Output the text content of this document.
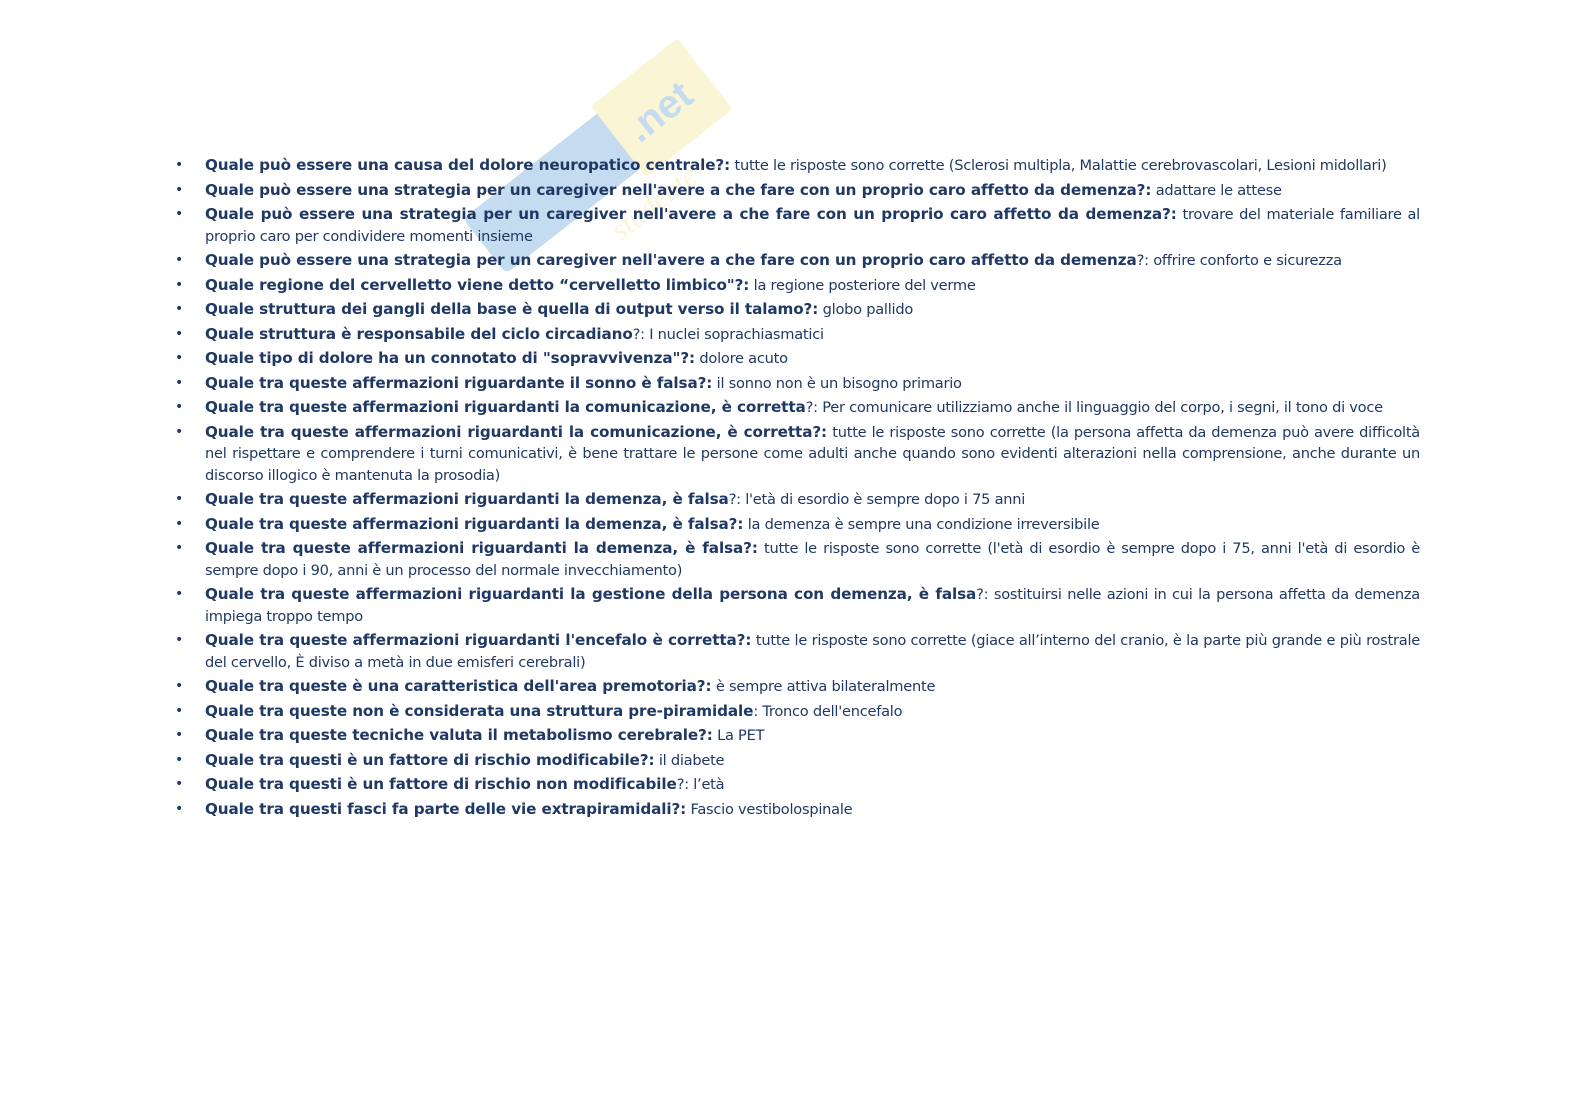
.net
studente
• Quale può essere una causa del dolore neuropatico centrale?: tutte le risposte sono corrette (Sclerosi multipla, Malattie cerebrovascolari, Lesioni midollari)
• Quale può essere una strategia per un caregiver nell'avere a che fare con un proprio caro affetto da demenza?: adattare le attese
• Quale può essere una strategia per un caregiver nell'avere a che fare con un proprio caro affetto da demenza?: trovare del materiale familiare al proprio caro per condividere momenti insieme
• Quale può essere una strategia per un caregiver nell'avere a che fare con un proprio caro affetto da demenza?: offrire conforto e sicurezza
• Quale regione del cervelletto viene detto “cervelletto limbico"?: la regione posteriore del verme
• Quale struttura dei gangli della base è quella di output verso il talamo?: globo pallido
• Quale struttura è responsabile del ciclo circadiano?: I nuclei soprachiasmatici
• Quale tipo di dolore ha un connotato di "sopravvivenza"?: dolore acuto
• Quale tra queste affermazioni riguardante il sonno è falsa?: il sonno non è un bisogno primario
• Quale tra queste affermazioni riguardanti la comunicazione, è corretta?: Per comunicare utilizziamo anche il linguaggio del corpo, i segni, il tono di voce
• Quale tra queste affermazioni riguardanti la comunicazione, è corretta?: tutte le risposte sono corrette (la persona affetta da demenza può avere difficoltà nel rispettare e comprendere i turni comunicativi, è bene trattare le persone come adulti anche quando sono evidenti alterazioni nella comprensione, anche durante un discorso illogico è mantenuta la prosodia)
• Quale tra queste affermazioni riguardanti la demenza, è falsa?: l'età di esordio è sempre dopo i 75 anni
• Quale tra queste affermazioni riguardanti la demenza, è falsa?: la demenza è sempre una condizione irreversibile
• Quale tra queste affermazioni riguardanti la demenza, è falsa?: tutte le risposte sono corrette (l'età di esordio è sempre dopo i 75, anni l'età di esordio è sempre dopo i 90, anni è un processo del normale invecchiamento)
• Quale tra queste affermazioni riguardanti la gestione della persona con demenza, è falsa?: sostituirsi nelle azioni in cui la persona affetta da demenza impiega troppo tempo
• Quale tra queste affermazioni riguardanti l'encefalo è corretta?: tutte le risposte sono corrette (giace all’interno del cranio, è la parte più grande e più rostrale del cervello, È diviso a metà in due emisferi cerebrali)
• Quale tra queste è una caratteristica dell'area premotoria?: è sempre attiva bilateralmente
• Quale tra queste non è considerata una struttura pre-piramidale: Tronco dell'encefalo
• Quale tra queste tecniche valuta il metabolismo cerebrale?: La PET
• Quale tra questi è un fattore di rischio modificabile?: il diabete
• Quale tra questi è un fattore di rischio non modificabile?: l’età
• Quale tra questi fasci fa parte delle vie extrapiramidali?: Fascio vestibolospinale
